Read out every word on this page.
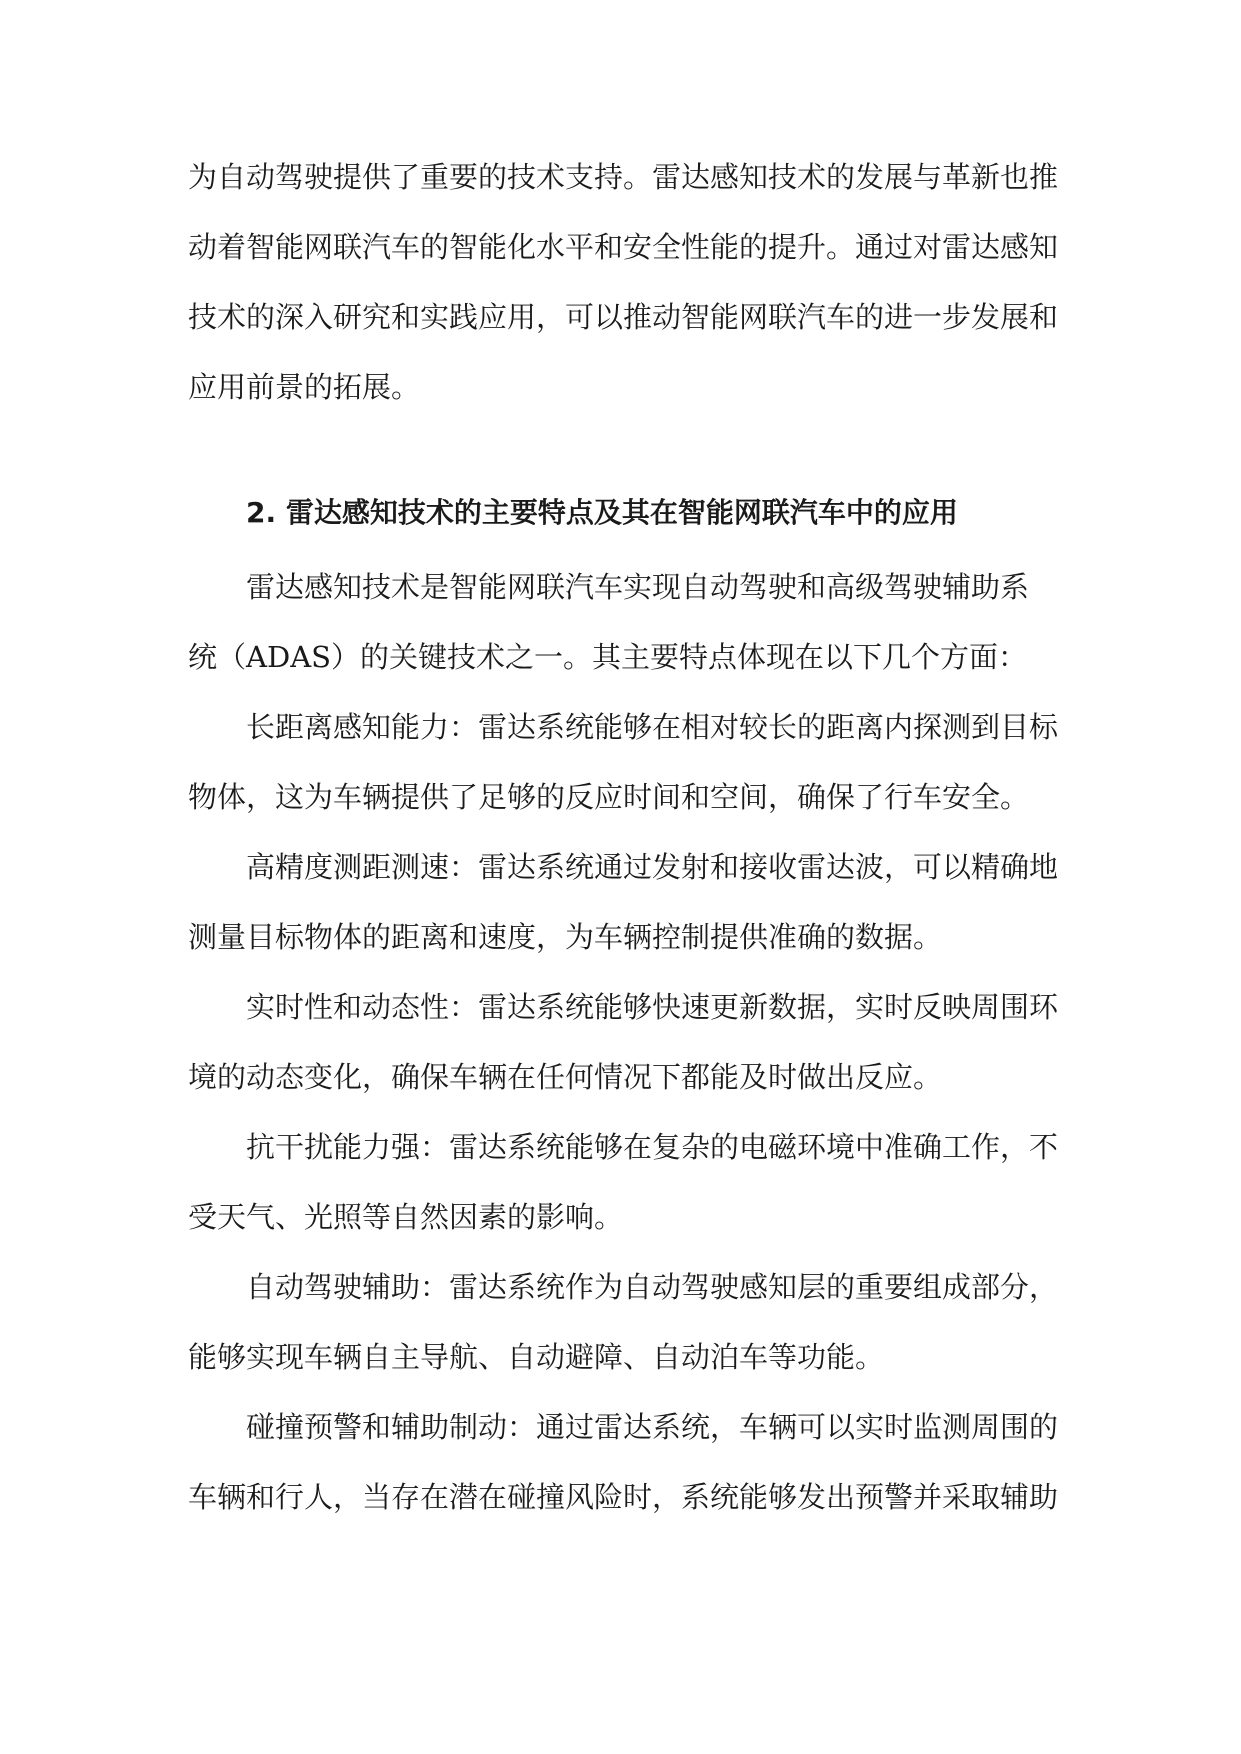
为自动驾驶提供了重要的技术支持。雷达感知技术的发展与革新也推
动着智能网联汽车的智能化水平和安全性能的提升。通过对雷达感知
技术的深入研究和实践应用，可以推动智能网联汽车的进一步发展和
应用前景的拓展。
2. 雷达感知技术的主要特点及其在智能网联汽车中的应用
雷达感知技术是智能网联汽车实现自动驾驶和高级驾驶辅助系
统（ADAS）的关键技术之一。其主要特点体现在以下几个方面：
长距离感知能力：雷达系统能够在相对较长的距离内探测到目标
物体，这为车辆提供了足够的反应时间和空间，确保了行车安全。
高精度测距测速：雷达系统通过发射和接收雷达波，可以精确地
测量目标物体的距离和速度，为车辆控制提供准确的数据。
实时性和动态性：雷达系统能够快速更新数据，实时反映周围环
境的动态变化，确保车辆在任何情况下都能及时做出反应。
抗干扰能力强：雷达系统能够在复杂的电磁环境中准确工作，不
受天气、光照等自然因素的影响。
自动驾驶辅助：雷达系统作为自动驾驶感知层的重要组成部分，
能够实现车辆自主导航、自动避障、自动泊车等功能。
碰撞预警和辅助制动：通过雷达系统，车辆可以实时监测周围的
车辆和行人，当存在潜在碰撞风险时，系统能够发出预警并采取辅助
